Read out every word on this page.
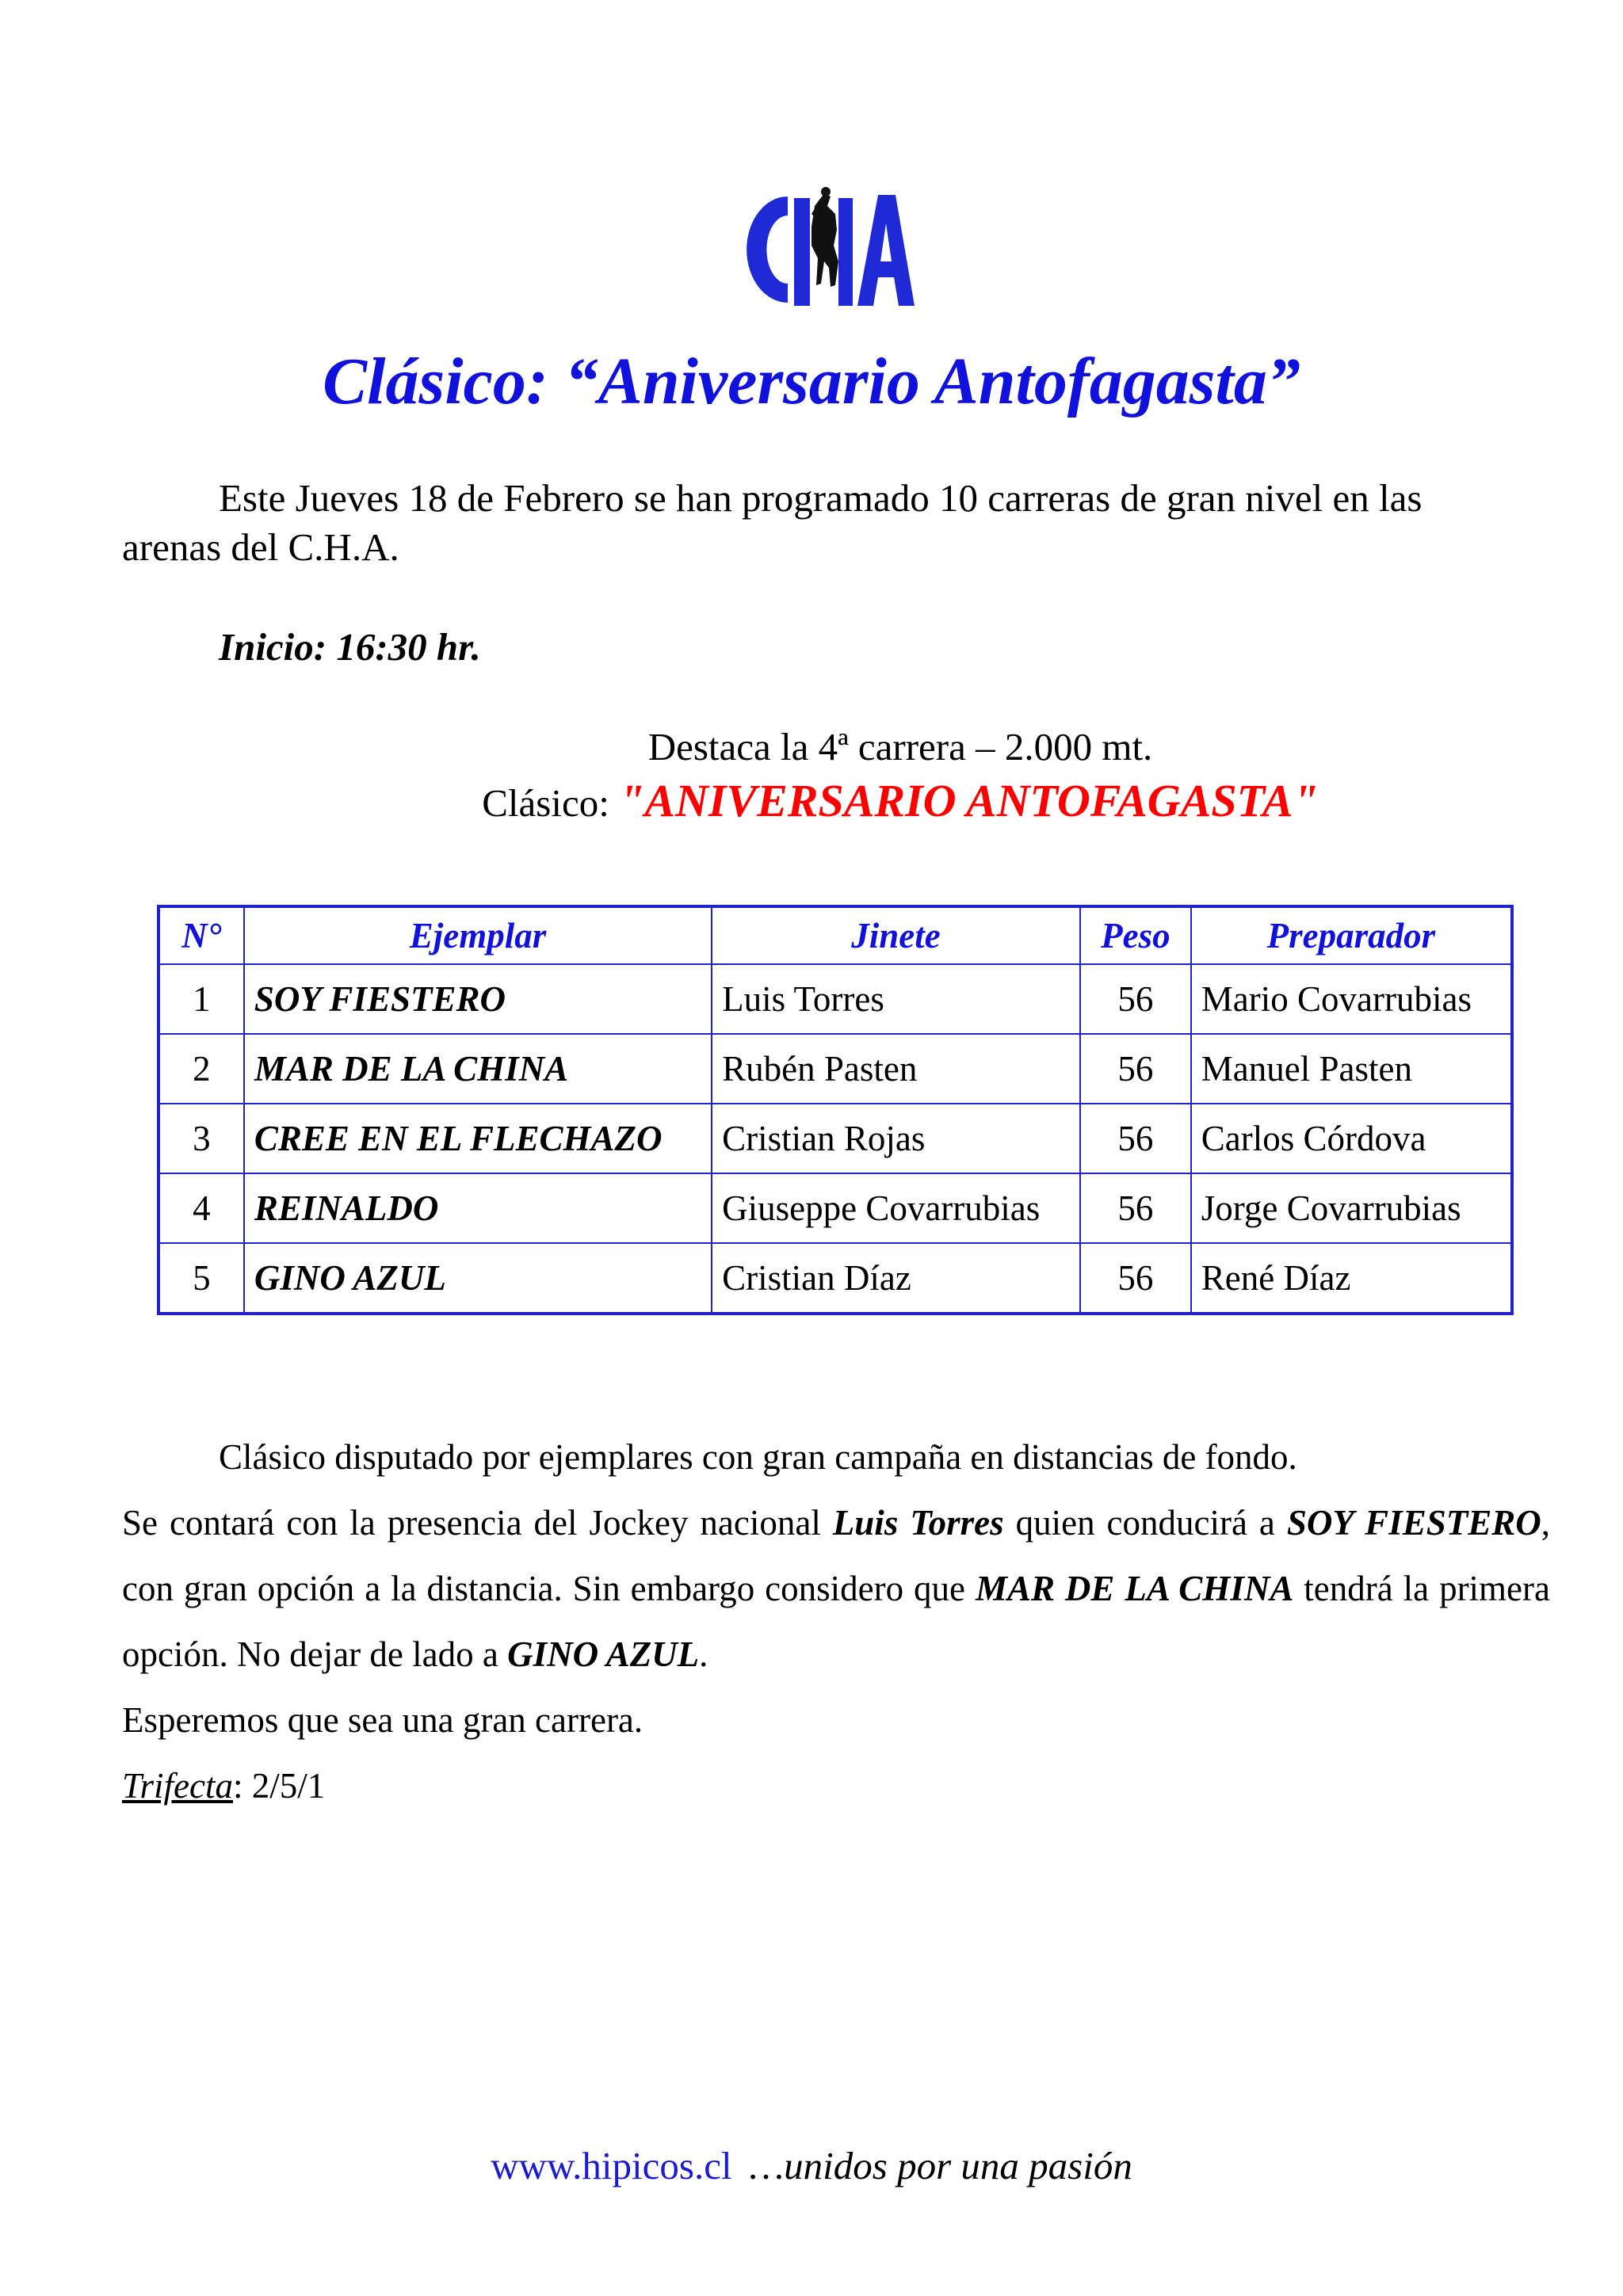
Clásico: “Aniversario Antofagasta”
Este Jueves 18 de Febrero se han programado 10 carreras de gran nivel en las arenas del C.H.A.
Inicio: 16:30 hr.
Destaca la 4ª carrera – 2.000 mt.
Clásico: "ANIVERSARIO ANTOFAGASTA"
N°	Ejemplar	Jinete	Peso	Preparador
1	SOY FIESTERO	Luis Torres	56	Mario Covarrubias
2	MAR DE LA CHINA	Rubén Pasten	56	Manuel Pasten
3	CREE EN EL FLECHAZO	Cristian Rojas	56	Carlos Córdova
4	REINALDO	Giuseppe Covarrubias	56	Jorge Covarrubias
5	GINO AZUL	Cristian Díaz	56	René Díaz

Clásico disputado por ejemplares con gran campaña en distancias de fondo.

Se contará con la presencia del Jockey nacional Luis Torres quien conducirá a SOY FIESTERO, con gran opción a la distancia. Sin embargo considero que MAR DE LA CHINA tendrá la primera opción. No dejar de lado a GINO AZUL.

Esperemos que sea una gran carrera.

Trifecta: 2/5/1

www.hipicos.cl …unidos por una pasión
